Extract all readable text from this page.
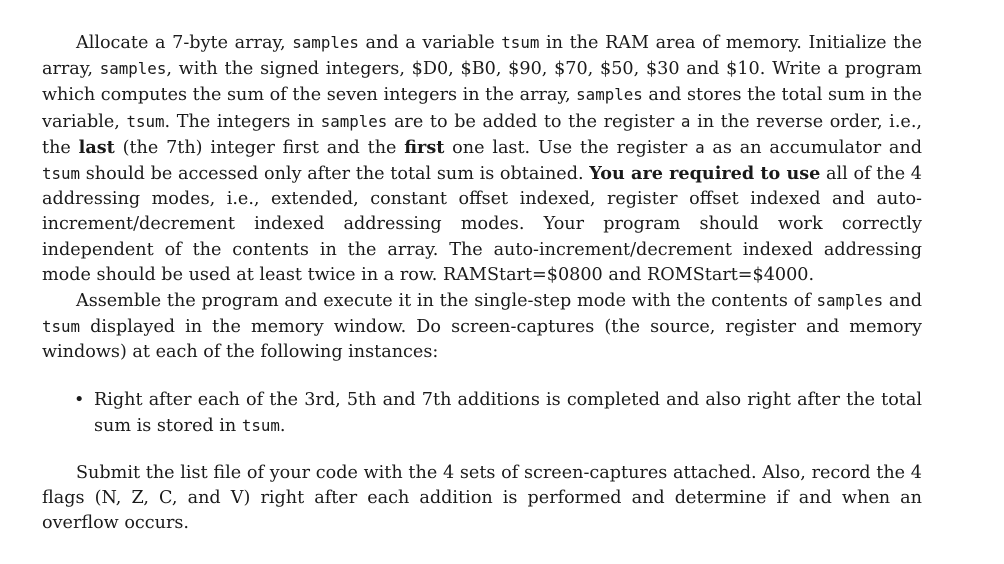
Allocate a 7-byte array, samples and a variable tsum in the RAM area of memory. Initialize the array, samples, with the signed integers, $D0, $B0, $90, $70, $50, $30 and $10. Write a program which computes the sum of the seven integers in the array, samples and stores the total sum in the variable, tsum. The integers in samples are to be added to the register a in the reverse order, i.e., the last (the 7th) integer first and the first one last. Use the register a as an accumulator and tsum should be accessed only after the total sum is obtained. You are required to use all of the 4 addressing modes, i.e., extended, constant offset indexed, register offset indexed and auto-increment/decrement indexed addressing modes. Your program should work correctly independent of the contents in the array. The auto-increment/decrement indexed addressing mode should be used at least twice in a row. RAMStart=$0800 and ROMStart=$4000.

Assemble the program and execute it in the single-step mode with the contents of samples and tsum displayed in the memory window. Do screen-captures (the source, register and memory windows) at each of the following instances:

• Right after each of the 3rd, 5th and 7th additions is completed and also right after the total sum is stored in tsum.

Submit the list file of your code with the 4 sets of screen-captures attached. Also, record the 4 flags (N, Z, C, and V) right after each addition is performed and determine if and when an overflow occurs.
